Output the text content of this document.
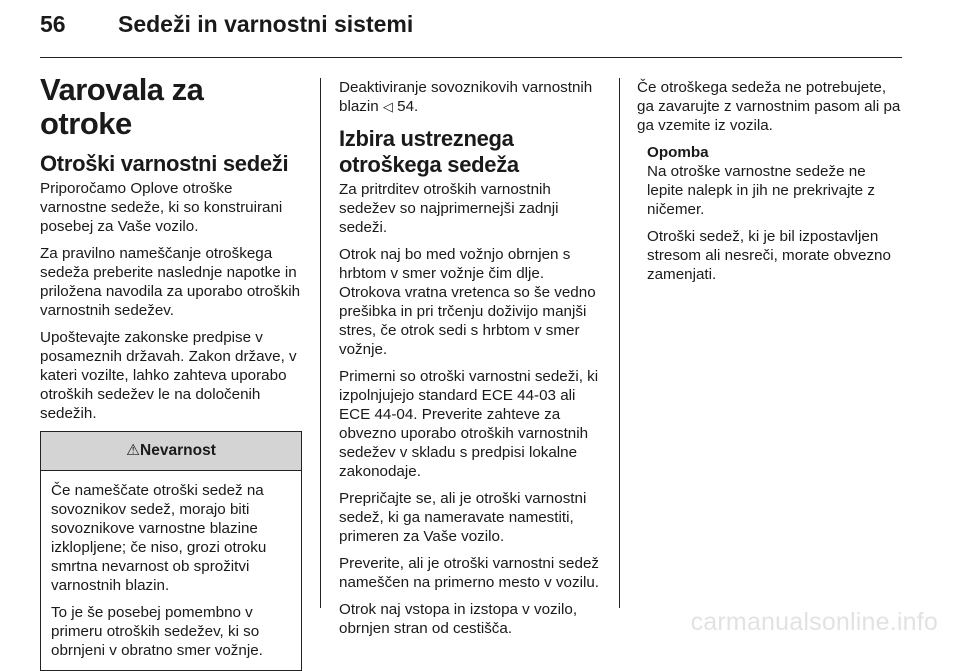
56 Sedeži in varnostni sistemi
Varovala za otroke
Otroški varnostni sedeži

Priporočamo Oplove otroške varnostne sedeže, ki so konstruirani posebej za Vaše vozilo.

Za pravilno nameščanje otroškega sedeža preberite naslednje napotke in priložena navodila za uporabo otroških varnostnih sedežev.

Upoštevajte zakonske predpise v posameznih državah. Zakon države, v kateri vozilte, lahko zahteva uporabo otroških sedežev le na določenih sedežih.

⚠Nevarnost

Če nameščate otroški sedež na sovoznikov sedež, morajo biti sovoznikove varnostne blazine izklopljene; če niso, grozi otroku smrtna nevarnost ob sprožitvi varnostnih blazin.

To je še posebej pomembno v primeru otroških sedežev, ki so obrnjeni v obratno smer vožnje.

Deaktiviranje sovoznikovih varnostnih blazin ◁ 54.

Izbira ustreznega otroškega sedeža

Za pritrditev otroških varnostnih sedežev so najprimernejši zadnji sedeži.

Otrok naj bo med vožnjo obrnjen s hrbtom v smer vožnje čim dlje. Otrokova vratna vretenca so še vedno prešibka in pri trčenju doživijo manjši stres, če otrok sedi s hrbtom v smer vožnje.

Primerni so otroški varnostni sedeži, ki izpolnjujejo standard ECE 44-03 ali ECE 44-04. Preverite zahteve za obvezno uporabo otroških varnostnih sedežev v skladu s predpisi lokalne zakonodaje.

Prepričajte se, ali je otroški varnostni sedež, ki ga nameravate namestiti, primeren za Vaše vozilo.

Preverite, ali je otroški varnostni sedež nameščen na primerno mesto v vozilu.

Otrok naj vstopa in izstopa v vozilo, obrnjen stran od cestišča.

Če otroškega sedeža ne potrebujete, ga zavarujte z varnostnim pasom ali pa ga vzemite iz vozila.

Opomba

Na otroške varnostne sedeže ne lepite nalepk in jih ne prekrivajte z ničemer.

Otroški sedež, ki je bil izpostavljen stresom ali nesreči, morate obvezno zamenjati.

carmanualsonline.info
